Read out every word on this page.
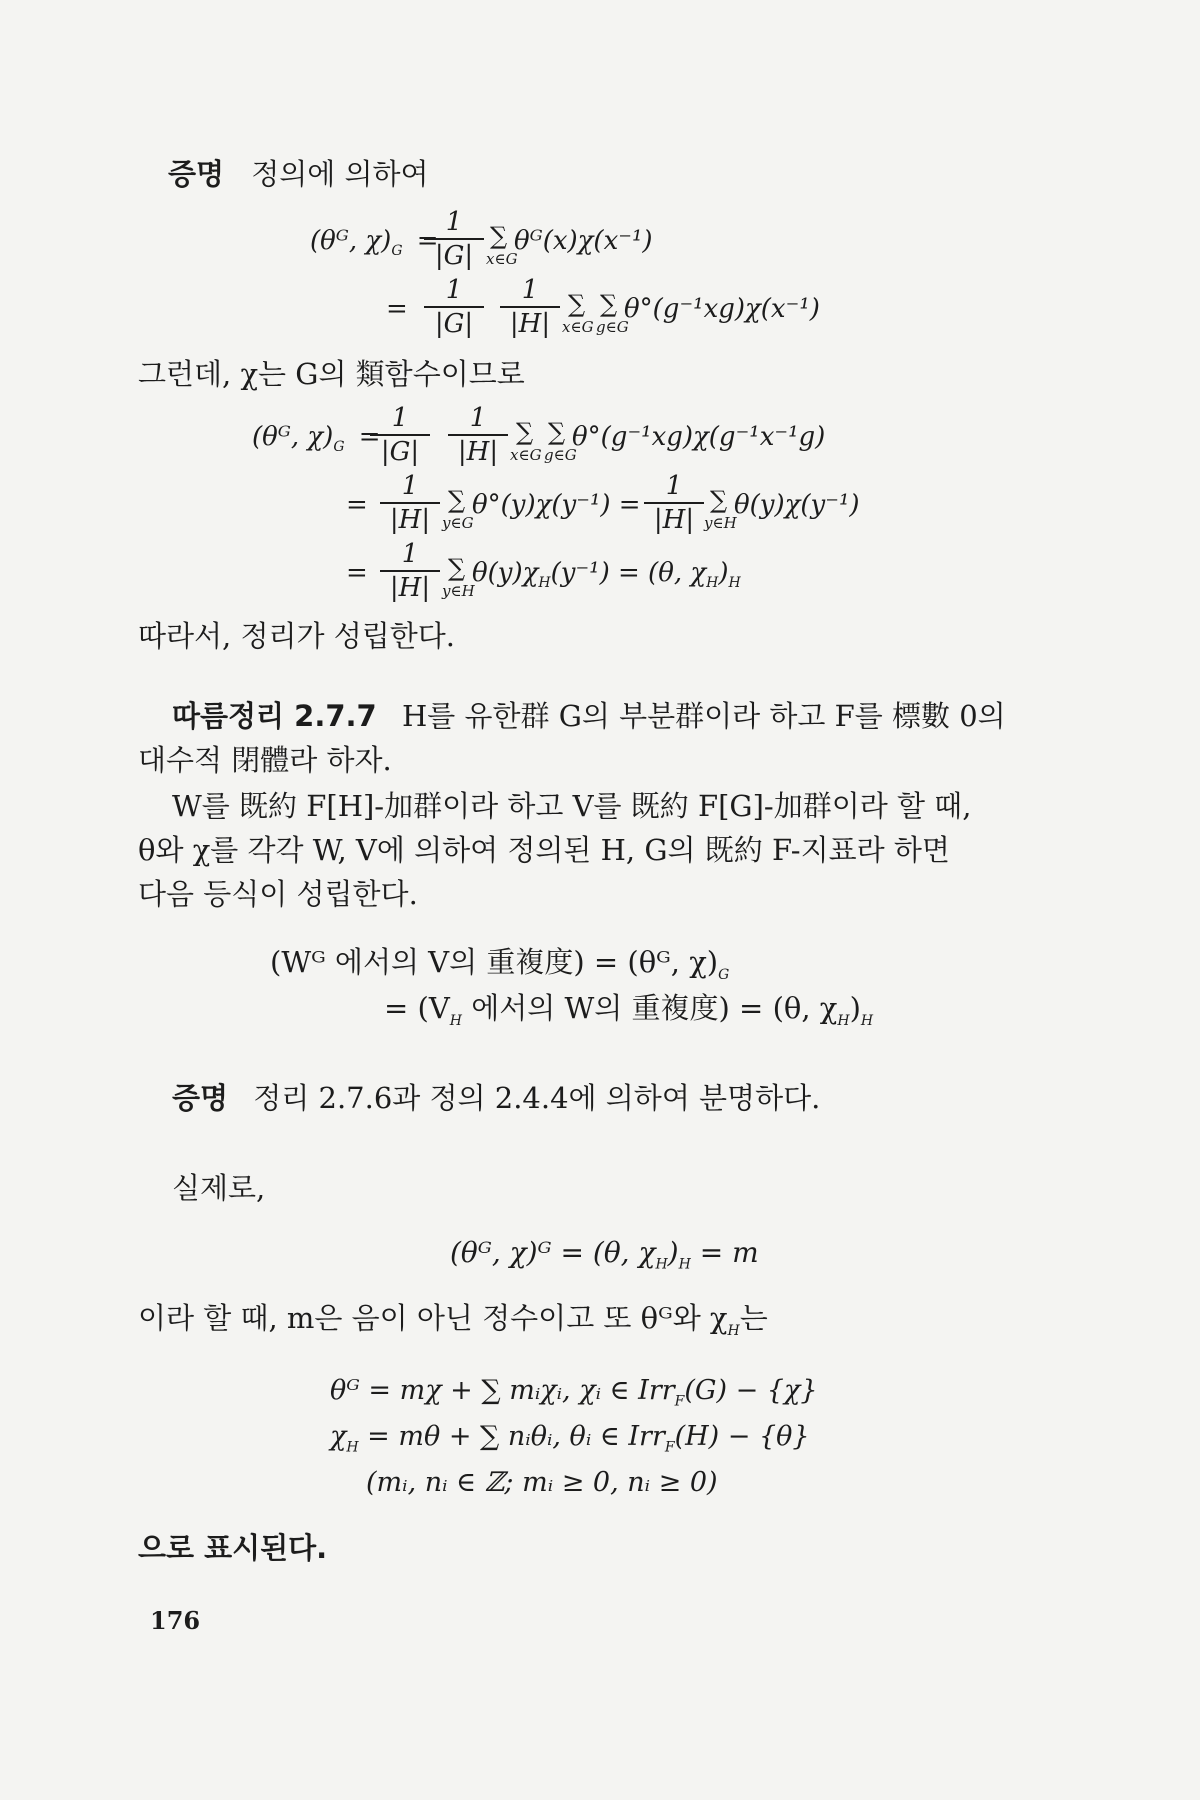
증명 정의에 의하여
(θᴳ, $\chi)_G$ =
$\frac{1}{|G|}$ ∑
x∈G
θᴳ(x)χ(x⁻¹)
= $\frac{1}{|G|} \frac{1}{|H|}$ ∑
x∈G
∑
g∈G
θ°(g⁻¹xg)χ(x⁻¹)
그런데, χ는 G의 類함수이므로
(θᴳ, $\chi)_G$ =
$\frac{1}{|G|} \frac{1}{|H|}$ ∑
x∈G
∑
g∈G
θ°(g⁻¹xg)χ(g⁻¹x⁻¹g)
= $\frac{1}{|H|}$ ∑
y∈G
$\theta^\circ(y)\chi(y^{-1}) = \frac{1}{|H|}$ ∑
y∈H
θ(y)χ(y⁻¹)
= $\frac{1}{|H|}$ ∑
y∈H
$\theta(y)\chi_H(y^{-1}) = (\theta$, $\chi_H)_H$
따라서, 정리가 성립한다.
따름정리 2.7.7 H를 유한群 G의 부분群이라 하고 F를 標數 0의
대수적 閉體라 하자.
W를 既約 F[H]-加群이라 하고 V를 既約 F[G]-加群이라 할 때,
θ와 χ를 각각 W, V에 의하여 정의된 H, G의 既約 F-지표라 하면
다음 등식이 성립한다.
(Wᴳ 에서의 V의 重複度) = (θᴳ, $\chi)_G$
= ($V_H$ 에서의 W의 重複度) = (θ, $\chi_H)_H$
증명 정리 2.7.6과 정의 2.4.4에 의하여 분명하다.
실제로,
(θᴳ, χ)ᴳ = (θ, $\chi_H)_H = m$
이라 할 때, m은 음이 아닌 정수이고 또 θᴳ와 $\chi_H$는
θᴳ = mχ + ∑ mᵢχᵢ, χᵢ ∈ Irr$_F$(G) − {χ}
$\chi_H = m\theta$ + ∑ nᵢθᵢ, θᵢ ∈ Irr$_F$(H) − {θ}
(mᵢ, nᵢ ∈ ℤ; mᵢ ≥ 0, nᵢ ≥ 0)
으로 표시된다.
176
